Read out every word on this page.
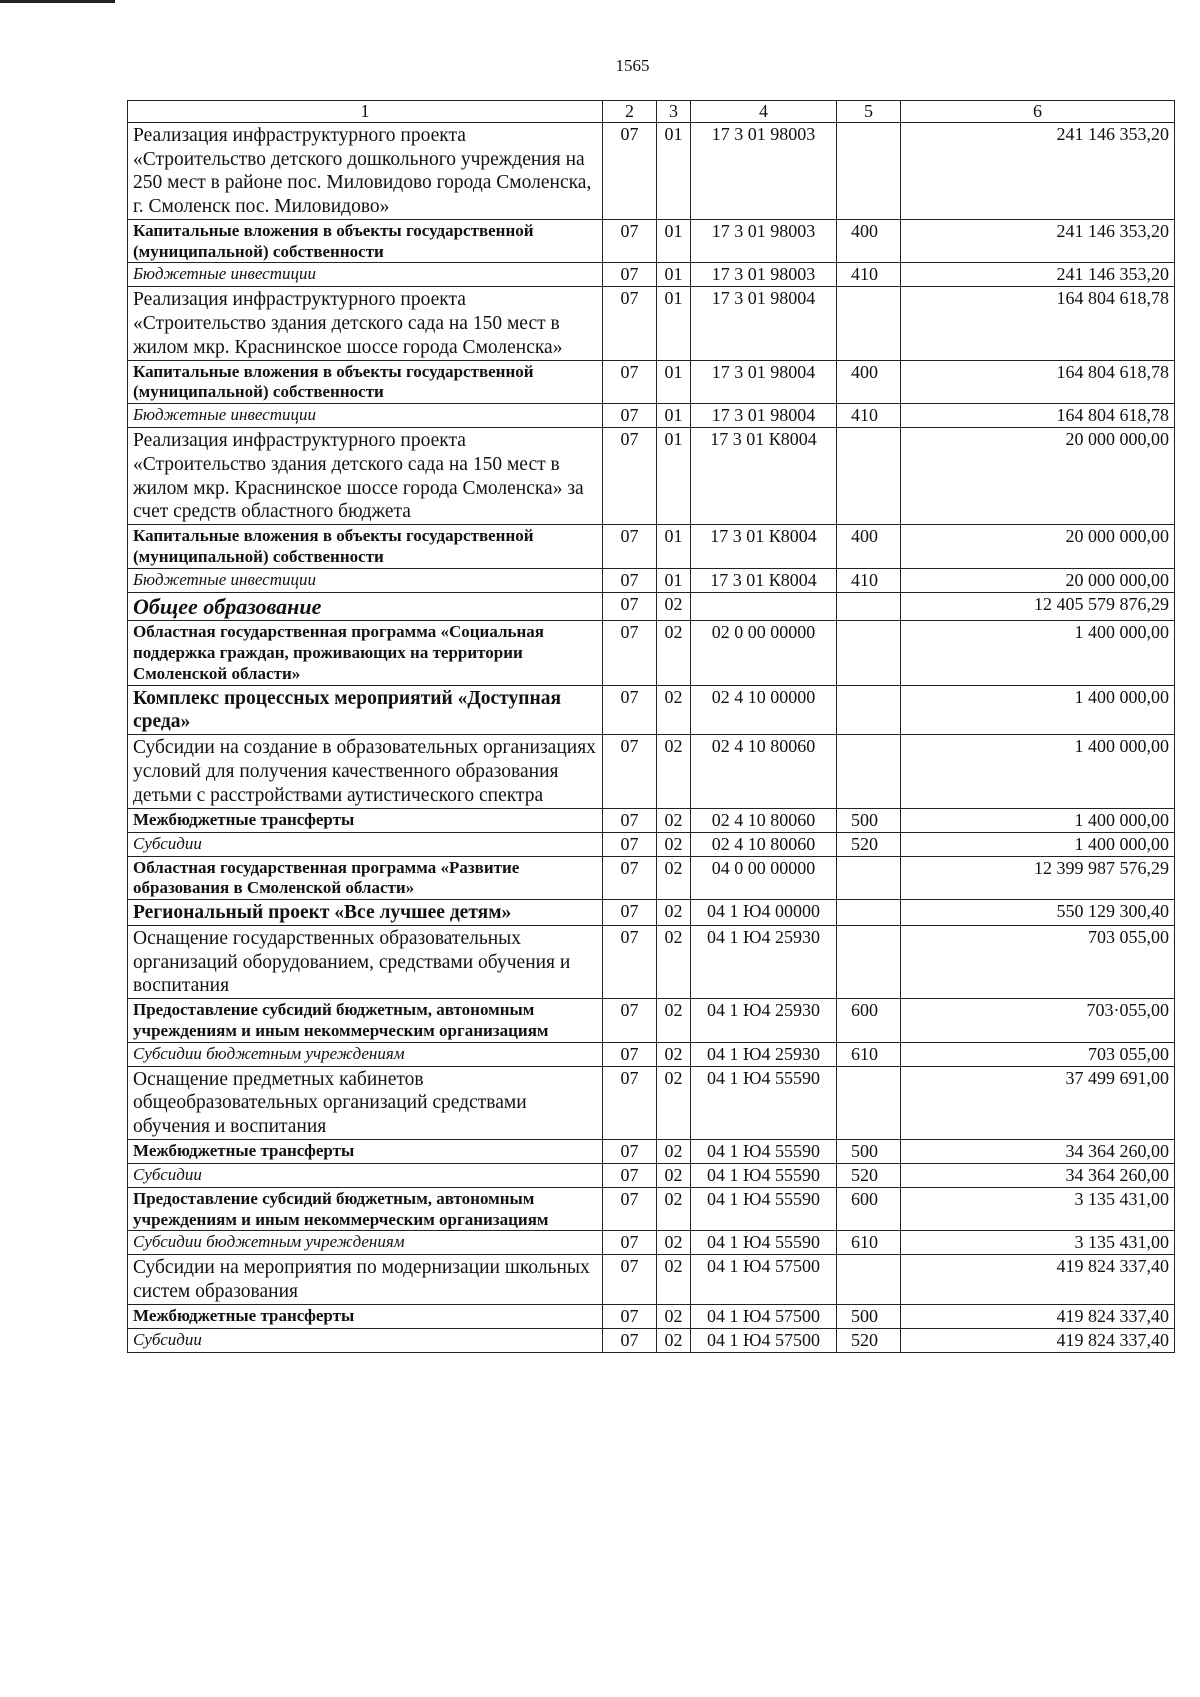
1565
1	2	3	4	5	6
Реализация инфраструктурного проекта «Строительство детского дошкольного учреждения на 250 мест в районе пос. Миловидово города Смоленска, г. Смоленск пос. Миловидово»	07	01	17 3 01 98003		241 146 353,20
Капитальные вложения в объекты государственной (муниципальной) собственности	07	01	17 3 01 98003	400	241 146 353,20
Бюджетные инвестиции	07	01	17 3 01 98003	410	241 146 353,20
Реализация инфраструктурного проекта «Строительство здания детского сада на 150 мест в жилом мкр. Краснинское шоссе города Смоленска»	07	01	17 3 01 98004		164 804 618,78
Капитальные вложения в объекты государственной (муниципальной) собственности	07	01	17 3 01 98004	400	164 804 618,78
Бюджетные инвестиции	07	01	17 3 01 98004	410	164 804 618,78
Реализация инфраструктурного проекта «Строительство здания детского сада на 150 мест в жилом мкр. Краснинское шоссе города Смоленска» за счет средств областного бюджета	07	01	17 3 01 К8004		20 000 000,00
Капитальные вложения в объекты государственной (муниципальной) собственности	07	01	17 3 01 К8004	400	20 000 000,00
Бюджетные инвестиции	07	01	17 3 01 К8004	410	20 000 000,00
Общее образование	07	02			12 405 579 876,29
Областная государственная программа «Социальная поддержка граждан, проживающих на территории Смоленской области»	07	02	02 0 00 00000		1 400 000,00
Комплекс процессных мероприятий «Доступная среда»	07	02	02 4 10 00000		1 400 000,00
Субсидии на создание в образовательных организациях условий для получения качественного образования детьми с расстройствами аутистического спектра	07	02	02 4 10 80060		1 400 000,00
Межбюджетные трансферты	07	02	02 4 10 80060	500	1 400 000,00
Субсидии	07	02	02 4 10 80060	520	1 400 000,00
Областная государственная программа «Развитие образования в Смоленской области»	07	02	04 0 00 00000		12 399 987 576,29
Региональный проект «Все лучшее детям»	07	02	04 1 Ю4 00000		550 129 300,40
Оснащение государственных образовательных организаций оборудованием, средствами обучения и воспитания	07	02	04 1 Ю4 25930		703 055,00
Предоставление субсидий бюджетным, автономным учреждениям и иным некоммерческим организациям	07	02	04 1 Ю4 25930	600	703·055,00
Субсидии бюджетным учреждениям	07	02	04 1 Ю4 25930	610	703 055,00
Оснащение предметных кабинетов общеобразовательных организаций средствами обучения и воспитания	07	02	04 1 Ю4 55590		37 499 691,00
Межбюджетные трансферты	07	02	04 1 Ю4 55590	500	34 364 260,00
Субсидии	07	02	04 1 Ю4 55590	520	34 364 260,00
Предоставление субсидий бюджетным, автономным учреждениям и иным некоммерческим организациям	07	02	04 1 Ю4 55590	600	3 135 431,00
Субсидии бюджетным учреждениям	07	02	04 1 Ю4 55590	610	3 135 431,00
Субсидии на мероприятия по модернизации школьных систем образования	07	02	04 1 Ю4 57500		419 824 337,40
Межбюджетные трансферты	07	02	04 1 Ю4 57500	500	419 824 337,40
Субсидии	07	02	04 1 Ю4 57500	520	419 824 337,40
